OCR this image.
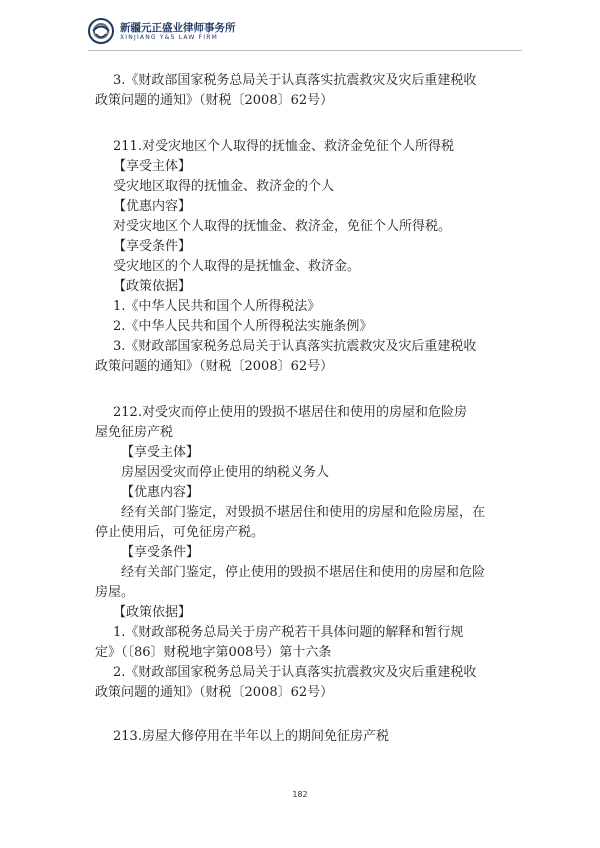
新疆元正盛业律师事务所
XINJIANG Y&S LAW FIRM
3.《财政部国家税务总局关于认真落实抗震救灾及灾后重建税收
政策问题的通知》（财税〔2008〕62号）
211.对受灾地区个人取得的抚恤金、救济金免征个人所得税
【享受主体】
受灾地区取得的抚恤金、救济金的个人
【优惠内容】
对受灾地区个人取得的抚恤金、救济金，免征个人所得税。
【享受条件】
受灾地区的个人取得的是抚恤金、救济金。
【政策依据】
1.《中华人民共和国个人所得税法》
2.《中华人民共和国个人所得税法实施条例》
3.《财政部国家税务总局关于认真落实抗震救灾及灾后重建税收
政策问题的通知》（财税〔2008〕62号）
212.对受灾而停止使用的毁损不堪居住和使用的房屋和危险房
屋免征房产税
【享受主体】
房屋因受灾而停止使用的纳税义务人
【优惠内容】
经有关部门鉴定，对毁损不堪居住和使用的房屋和危险房屋，在
停止使用后，可免征房产税。
【享受条件】
经有关部门鉴定，停止使用的毁损不堪居住和使用的房屋和危险
房屋。
【政策依据】
1.《财政部税务总局关于房产税若干具体问题的解释和暂行规
定》（〔86〕财税地字第008号）第十六条
2.《财政部国家税务总局关于认真落实抗震救灾及灾后重建税收
政策问题的通知》（财税〔2008〕62号）
213.房屋大修停用在半年以上的期间免征房产税
182
